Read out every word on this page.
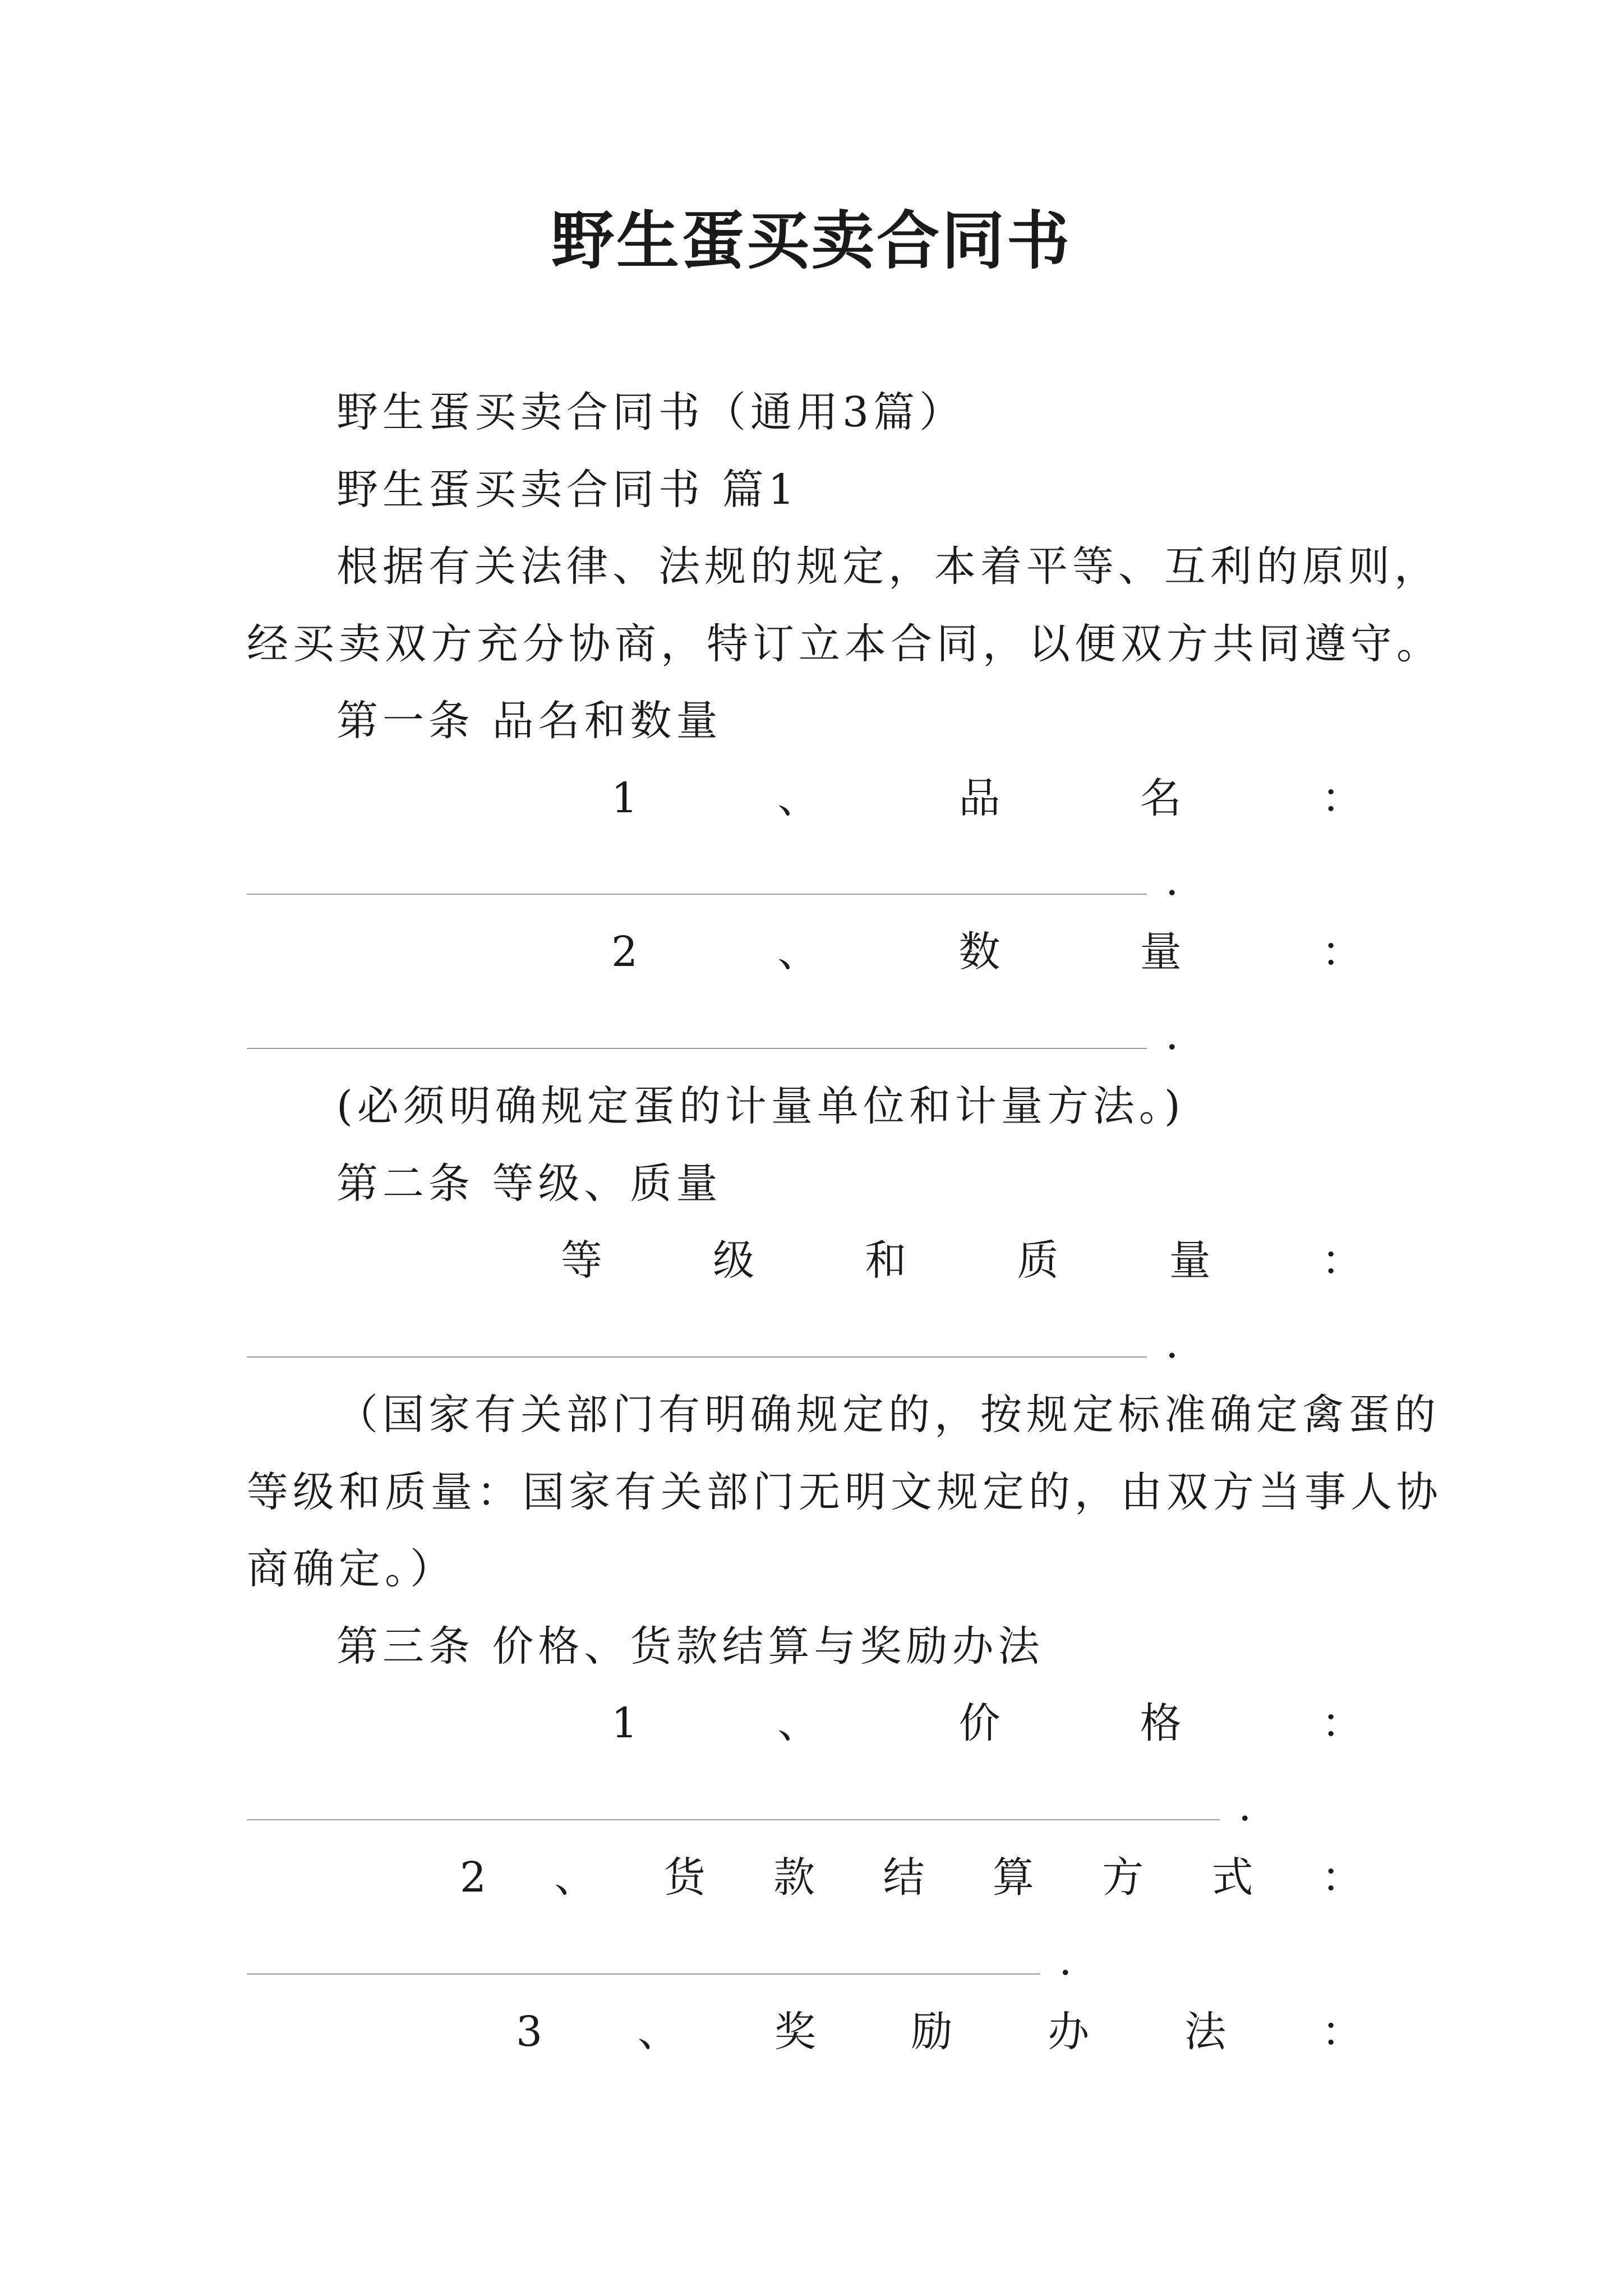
野生蛋买卖合同书
野生蛋买卖合同书（通用3篇）
野生蛋买卖合同书 篇1
根据有关法律、法规的规定，本着平等、互利的原则，
经买卖双方充分协商，特订立本合同，以便双方共同遵守。
第一条 品名和数量
1	、	品	名	：
.
2	、	数	量	：
.
(必须明确规定蛋的计量单位和计量方法。)
第二条 等级、质量
等	级	和	质	量	：
.
（国家有关部门有明确规定的，按规定标准确定禽蛋的
等级和质量：国家有关部门无明文规定的，由双方当事人协
商确定。）
第三条 价格、货款结算与奖励办法
1	、	价	格	：
.
2 、 货 款 结 算 方 式 ：
.
3 、 奖 励 办 法 ：
